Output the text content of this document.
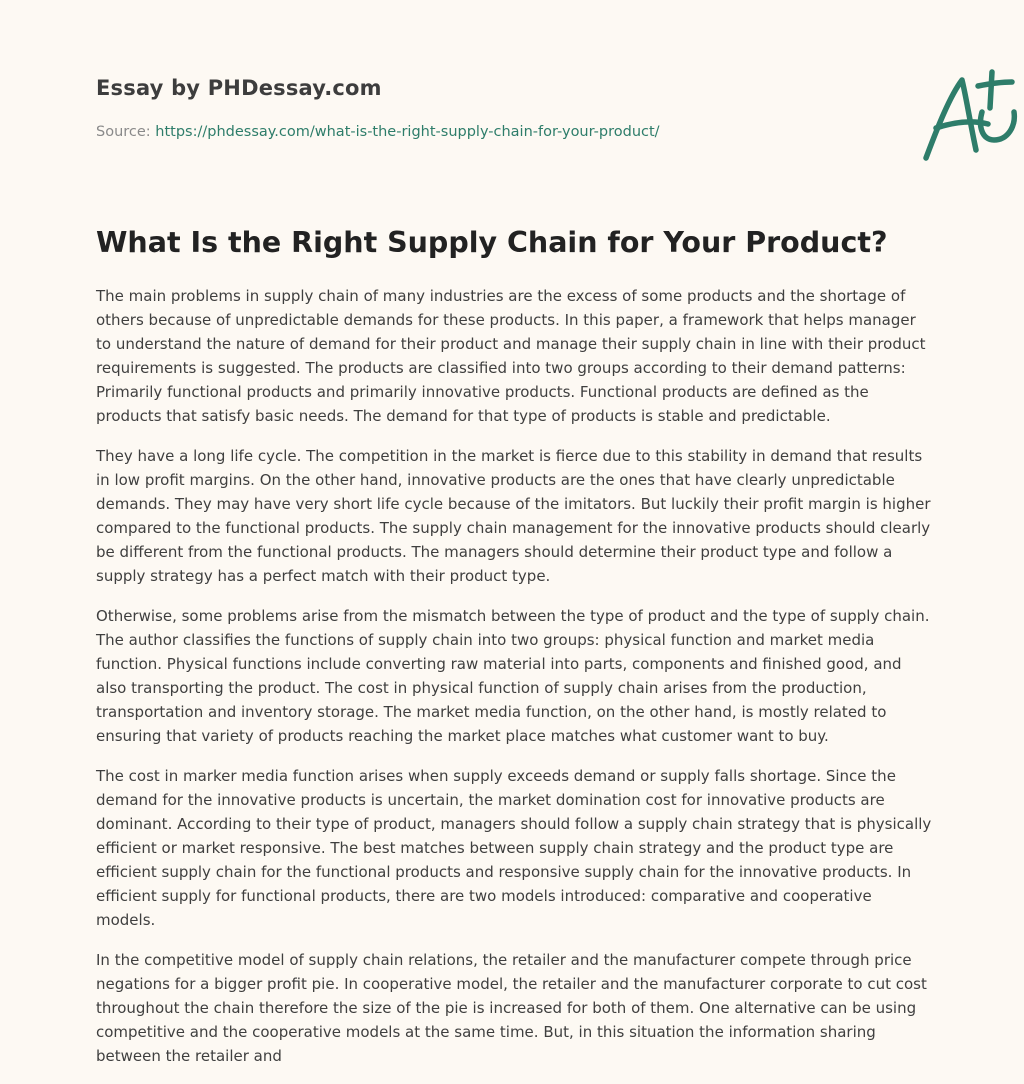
Essay by PHDessay.com
Source: https://phdessay.com/what-is-the-right-supply-chain-for-your-product/
What Is the Right Supply Chain for Your Product?

The main problems in supply chain of many industries are the excess of some products and the shortage of others because of unpredictable demands for these products. In this paper, a framework that helps manager to understand the nature of demand for their product and manage their supply chain in line with their product requirements is suggested. The products are classified into two groups according to their demand patterns: Primarily functional products and primarily innovative products. Functional products are defined as the products that satisfy basic needs. The demand for that type of products is stable and predictable.

They have a long life cycle. The competition in the market is fierce due to this stability in demand that results in low profit margins. On the other hand, innovative products are the ones that have clearly unpredictable demands. They may have very short life cycle because of the imitators. But luckily their profit margin is higher compared to the functional products. The supply chain management for the innovative products should clearly be different from the functional products. The managers should determine their product type and follow a supply strategy has a perfect match with their product type.

Otherwise, some problems arise from the mismatch between the type of product and the type of supply chain. The author classifies the functions of supply chain into two groups: physical function and market media function. Physical functions include converting raw material into parts, components and finished good, and also transporting the product. The cost in physical function of supply chain arises from the production, transportation and inventory storage. The market media function, on the other hand, is mostly related to ensuring that variety of products reaching the market place matches what customer want to buy.

The cost in marker media function arises when supply exceeds demand or supply falls shortage. Since the demand for the innovative products is uncertain, the market domination cost for innovative products are dominant. According to their type of product, managers should follow a supply chain strategy that is physically efficient or market responsive. The best matches between supply chain strategy and the product type are efficient supply chain for the functional products and responsive supply chain for the innovative products. In efficient supply for functional products, there are two models introduced: comparative and cooperative models.

In the competitive model of supply chain relations, the retailer and the manufacturer compete through price negations for a bigger profit pie. In cooperative model, the retailer and the manufacturer corporate to cut cost throughout the chain therefore the size of the pie is increased for both of them. One alternative can be using competitive and the cooperative models at the same time. But, in this situation the information sharing between the retailer and
